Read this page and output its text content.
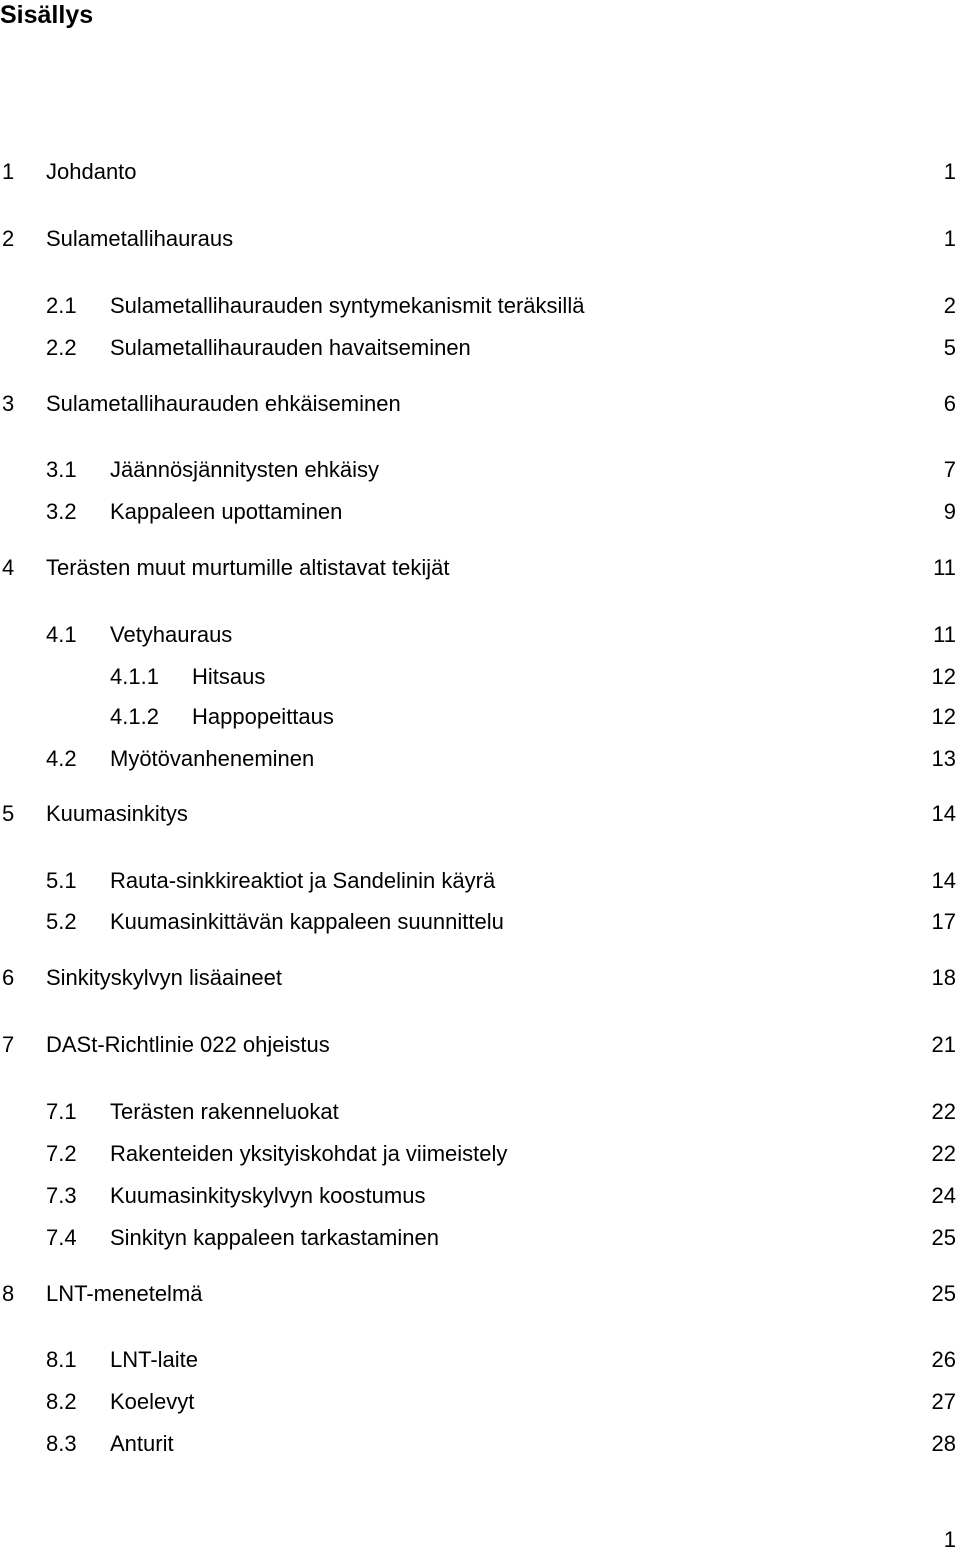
Sisällys
1 Johdanto	1
2 Sulametallihauraus	1
2.1 Sulametallihaurauden syntymekanismit teräksillä	2
2.2 Sulametallihaurauden havaitseminen	5
3 Sulametallihaurauden ehkäiseminen	6
3.1 Jäännösjännitysten ehkäisy	7
3.2 Kappaleen upottaminen	9
4 Terästen muut murtumille altistavat tekijät	11
4.1 Vetyhauraus	11
4.1.1 Hitsaus	12
4.1.2 Happopeittaus	12
4.2 Myötövanheneminen	13
5 Kuumasinkitys	14
5.1 Rauta-sinkkireaktiot ja Sandelinin käyrä	14
5.2 Kuumasinkittävän kappaleen suunnittelu	17
6 Sinkityskylvyn lisäaineet	18
7 DASt-Richtlinie 022 ohjeistus	21
7.1 Terästen rakenneluokat	22
7.2 Rakenteiden yksityiskohdat ja viimeistely	22
7.3 Kuumasinkityskylvyn koostumus	24
7.4 Sinkityn kappaleen tarkastaminen	25
8 LNT-menetelmä	25
8.1 LNT-laite	26
8.2 Koelevyt	27
8.3 Anturit	28
1
